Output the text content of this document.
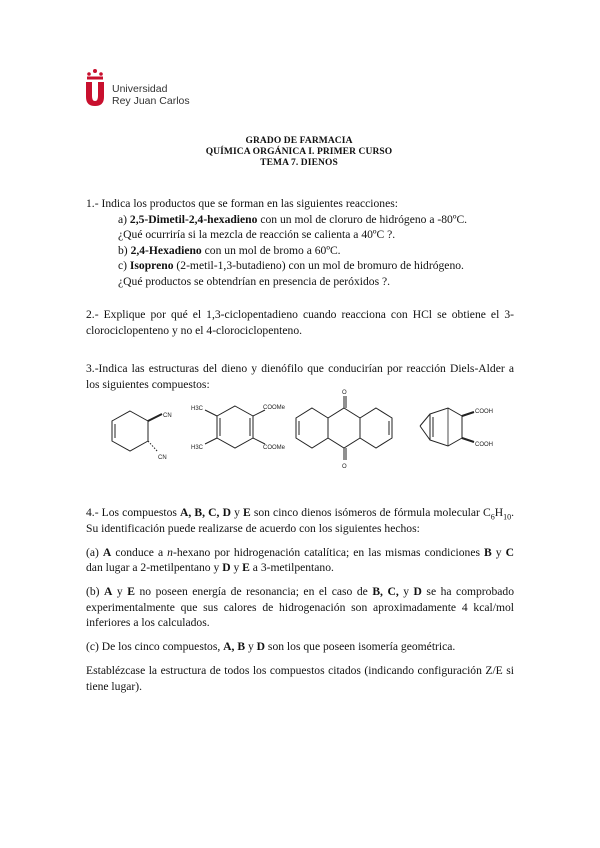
Universidad
Rey Juan Carlos
GRADO DE FARMACIA
QUÍMICA ORGÁNICA I. PRIMER CURSO
TEMA 7. DIENOS
1.- Indica los productos que se forman en las siguientes reacciones:
a) 2,5-Dimetil-2,4-hexadieno con un mol de cloruro de hidrógeno a -80ºC.
¿Qué ocurriría si la mezcla de reacción se calienta a 40ºC ?.
b) 2,4-Hexadieno con un mol de bromo a 60ºC.
c) Isopreno (2-metil-1,3-butadieno) con un mol de bromuro de hidrógeno.
¿Qué productos se obtendrían en presencia de peróxidos ?.
2.- Explique por qué el 1,3-ciclopentadieno cuando reacciona con HCl se obtiene el 3-clorociclopenteno y no el 4-clorociclopenteno.
3.-Indica las estructuras del dieno y dienófilo que conducirían por reacción Diels-Alder a los siguientes compuestos:
CN
CN
H3C
H3C
COOMe
COOMe
O
O
COOH
COOH

4.- Los compuestos A, B, C, D y E son cinco dienos isómeros de fórmula molecular $C_6H_{10}$. Su identificación puede realizarse de acuerdo con los siguientes hechos:

(a) A conduce a n-hexano por hidrogenación catalítica; en las mismas condiciones B y C dan lugar a 2-metilpentano y D y E a 3-metilpentano.

(b) A y E no poseen energía de resonancia; en el caso de B, C, y D se ha comprobado experimentalmente que sus calores de hidrogenación son aproximadamente 4 kcal/mol inferiores a los calculados.

(c) De los cinco compuestos, A, B y D son los que poseen isomería geométrica.

Establézcase la estructura de todos los compuestos citados (indicando configuración Z/E si tiene lugar).
